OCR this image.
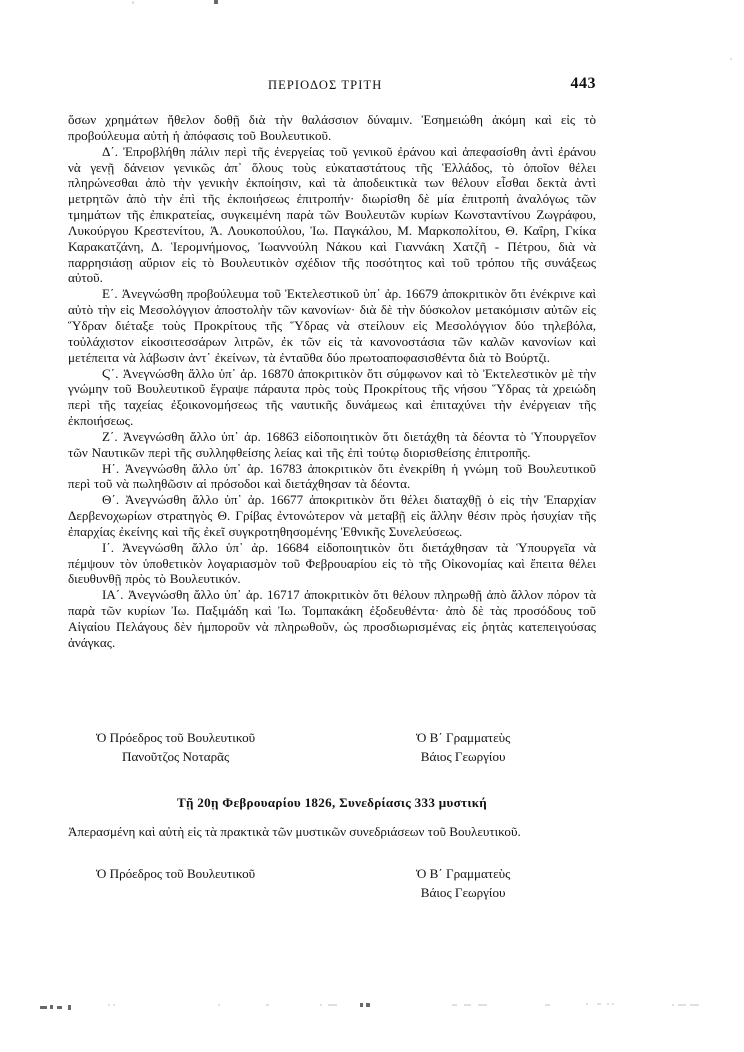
ΠΕΡΙΟΔΟΣ ΤΡΙΤΗ	443

ὅσων χρημάτων ἤθελον δοθῇ διὰ τὴν θαλάσσιον δύναμιν. Ἐσημειώθη ἀκόμη καὶ εἰς τὸ προβούλευμα αὐτὴ ἡ ἀπόφασις τοῦ Βουλευτικοῦ.

Δ΄. Ἐπροβλήθη πάλιν περὶ τῆς ἐνεργείας τοῦ γενικοῦ ἐράνου καὶ ἀπεφασίσθη ἀντὶ ἐράνου νὰ γενῇ δάνειον γενικῶς ἀπ᾿ ὅλους τοὺς εὐκαταστάτους τῆς Ἑλλάδος, τὸ ὁποῖον θέλει πληρώνεσθαι ἀπὸ τὴν γενικὴν ἐκποίησιν, καὶ τὰ ἀποδεικτικὰ των θέλουν εἶσθαι δεκτὰ ἀντὶ μετρητῶν ἀπὸ τὴν ἐπὶ τῆς ἐκποιήσεως ἐπιτροπήν· διωρίσθη δὲ μία ἐπιτροπὴ ἀναλόγως τῶν τμημάτων τῆς ἐπικρατείας, συγκειμένη παρὰ τῶν Βουλευτῶν κυρίων Κωνσταντίνου Ζωγράφου, Λυκούργου Κρεστενίτου, Ἀ. Λουκοπούλου, Ἰω. Παγκάλου, Μ. Μαρκοπολίτου, Θ. Καΐρη, Γκίκα Καρακατζάνη, Δ. Ἱερομνήμονος, Ἰωαννούλη Νάκου καὶ Γιαννάκη Χατζῆ - Πέτρου, διὰ νὰ παρρησιάσῃ αὔριον εἰς τὸ Βουλευτικὸν σχέδιον τῆς ποσότητος καὶ τοῦ τρόπου τῆς συνάξεως αὐτοῦ.

Ε΄. Ἀνεγνώσθη προβούλευμα τοῦ Ἐκτελεστικοῦ ὑπ᾿ ἀρ. 16679 ἀποκριτικὸν ὅτι ἐνέκρινε καὶ αὐτὸ τὴν εἰς Μεσολόγγιον ἀποστολὴν τῶν κανονίων· διὰ δὲ τὴν δύσκολον μετακόμισιν αὐτῶν εἰς Ὕδραν διέταξε τοὺς Προκρίτους τῆς Ὕδρας νὰ στείλουν εἰς Μεσολόγγιον δύο τηλεβόλα, τοὐλάχιστον εἰκοσιτεσσάρων λιτρῶν, ἐκ τῶν εἰς τὰ κανονοστάσια τῶν καλῶν κανονίων καὶ μετέπειτα νὰ λάβωσιν ἀντ᾿ ἐκείνων, τὰ ἐνταῦθα δύο πρωτοαποφασισθέντα διὰ τὸ Βούρτζι.

Ϛ΄. Ἀνεγνώσθη ἄλλο ὑπ᾿ ἀρ. 16870 ἀποκριτικὸν ὅτι σύμφωνον καὶ τὸ Ἐκτελεστικὸν μὲ τὴν γνώμην τοῦ Βουλευτικοῦ ἔγραψε πάραυτα πρὸς τοὺς Προκρίτους τῆς νήσου Ὕδρας τὰ χρειώδη περὶ τῆς ταχείας ἐξοικονομήσεως τῆς ναυτικῆς δυνάμεως καὶ ἐπιταχύνει τὴν ἐνέργειαν τῆς ἐκποιήσεως.

Ζ΄. Ἀνεγνώσθη ἄλλο ὑπ᾿ ἀρ. 16863 εἰδοποιητικὸν ὅτι διετάχθη τὰ δέοντα τὸ Ὑπουργεῖον τῶν Ναυτικῶν περὶ τῆς συλληφθείσης λείας καὶ τῆς ἐπὶ τούτῳ διορισθείσης ἐπιτροπῆς.

Η΄. Ἀνεγνώσθη ἄλλο ὑπ᾿ ἀρ. 16783 ἀποκριτικὸν ὅτι ἐνεκρίθη ἡ γνώμη τοῦ Βουλευτικοῦ περὶ τοῦ νὰ πωληθῶσιν αἱ πρόσοδοι καὶ διετάχθησαν τὰ δέοντα.

Θ΄. Ἀνεγνώσθη ἄλλο ὑπ᾿ ἀρ. 16677 ἀποκριτικὸν ὅτι θέλει διαταχθῇ ὁ εἰς τὴν Ἐπαρχίαν Δερβενοχωρίων στρατηγὸς Θ. Γρίβας ἐντονώτερον νὰ μεταβῇ εἰς ἄλλην θέσιν πρὸς ἡσυχίαν τῆς ἐπαρχίας ἐκείνης καὶ τῆς ἐκεῖ συγκροτηθησομένης Ἐθνικῆς Συνελεύσεως.

Ι΄. Ἀνεγνώσθη ἄλλο ὑπ᾿ ἀρ. 16684 εἰδοποιητικὸν ὅτι διετάχθησαν τὰ Ὑπουργεῖα νὰ πέμψουν τὸν ὑποθετικὸν λογαριασμὸν τοῦ Φεβρουαρίου εἰς τὸ τῆς Οἰκονομίας καὶ ἔπειτα θέλει διευθυνθῇ πρὸς τὸ Βουλευτικόν.

ΙΑ΄. Ἀνεγνώσθη ἄλλο ὑπ᾿ ἀρ. 16717 ἀποκριτικὸν ὅτι θέλουν πληρωθῇ ἀπὸ ἄλλον πόρον τὰ παρὰ τῶν κυρίων Ἰω. Παξιμάδη καὶ Ἰω. Τομπακάκη ἐξοδευθέντα· ἀπὸ δὲ τὰς προσόδους τοῦ Αἰγαίου Πελάγους δὲν ἠμποροῦν νὰ πληρωθοῦν, ὡς προσδιωρισμένας εἰς ῥητὰς κατεπειγούσας ἀνάγκας.

Ὁ Πρόεδρος τοῦ Βουλευτικοῦ
Πανοῦτζος Νοταρᾶς
Ὁ Β΄ Γραμματεὺς
Βάιος Γεωργίου
Τῇ 20ῃ Φεβρουαρίου 1826, Συνεδρίασις 333 μυστική
Ἀπερασμένη καὶ αὐτὴ εἰς τὰ πρακτικὰ τῶν μυστικῶν συνεδριάσεων τοῦ Βουλευτικοῦ.
Ὁ Πρόεδρος τοῦ Βουλευτικοῦ	Ὁ Β΄ Γραμματεὺς
Βάιος Γεωργίου
